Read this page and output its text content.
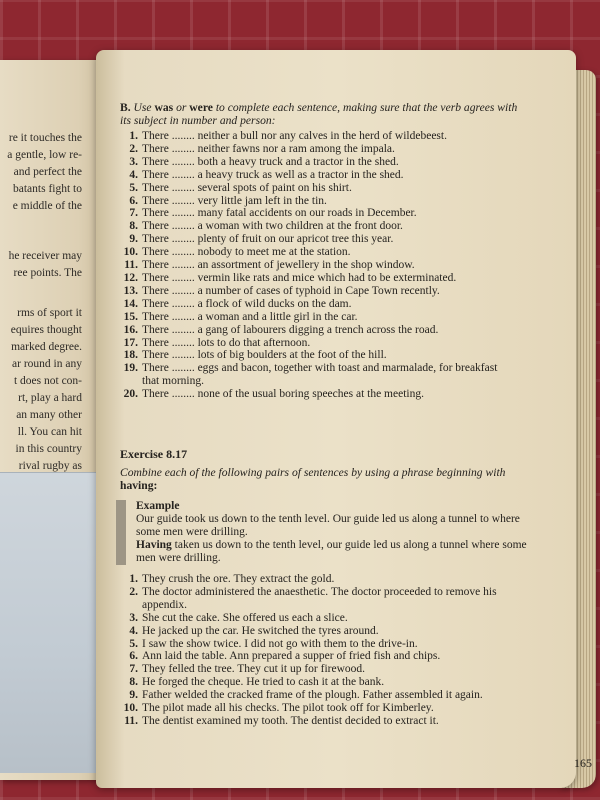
re it touches the
a gentle, low re-
and perfect the
batants fight to
e middle of the
he receiver may
ree points. The
rms of sport it
equires thought
marked degree.
ar round in any
t does not con-
rt, play a hard
an many other
ll. You can hit
in this country
rival rugby as
B. Use was or were to complete each sentence, making sure that the verb agrees with its subject in number and person:
1. There ........ neither a bull nor any calves in the herd of wildebeest.
2. There ........ neither fawns nor a ram among the impala.
3. There ........ both a heavy truck and a tractor in the shed.
4. There ........ a heavy truck as well as a tractor in the shed.
5. There ........ several spots of paint on his shirt.
6. There ........ very little jam left in the tin.
7. There ........ many fatal accidents on our roads in December.
8. There ........ a woman with two children at the front door.
9. There ........ plenty of fruit on our apricot tree this year.
10. There ........ nobody to meet me at the station.
11. There ........ an assortment of jewellery in the shop window.
12. There ........ vermin like rats and mice which had to be exterminated.
13. There ........ a number of cases of typhoid in Cape Town recently.
14. There ........ a flock of wild ducks on the dam.
15. There ........ a woman and a little girl in the car.
16. There ........ a gang of labourers digging a trench across the road.
17. There ........ lots to do that afternoon.
18. There ........ lots of big boulders at the foot of the hill.
19. There ........ eggs and bacon, together with toast and marmalade, for breakfast
that morning.
20. There ........ none of the usual boring speeches at the meeting.
Exercise 8.17
Combine each of the following pairs of sentences by using a phrase beginning with having:
Example
Our guide took us down to the tenth level. Our guide led us along a tunnel to where some men were drilling.
Having taken us down to the tenth level, our guide led us along a tunnel where some men were drilling.
1. They crush the ore. They extract the gold.
2. The doctor administered the anaesthetic. The doctor proceeded to remove his
appendix.
3. She cut the cake. She offered us each a slice.
4. He jacked up the car. He switched the tyres around.
5. I saw the show twice. I did not go with them to the drive-in.
6. Ann laid the table. Ann prepared a supper of fried fish and chips.
7. They felled the tree. They cut it up for firewood.
8. He forged the cheque. He tried to cash it at the bank.
9. Father welded the cracked frame of the plough. Father assembled it again.
10. The pilot made all his checks. The pilot took off for Kimberley.
11. The dentist examined my tooth. The dentist decided to extract it.
165
